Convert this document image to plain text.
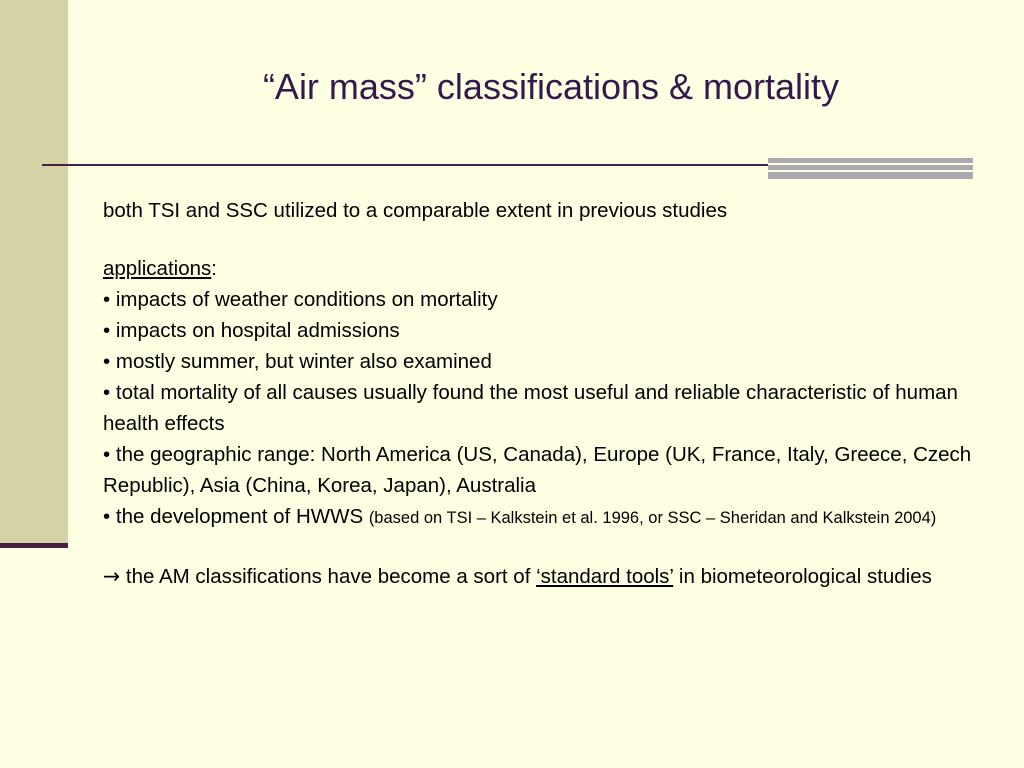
“Air mass” classifications & mortality

both TSI and SSC utilized to a comparable extent in previous studies

applications:

• impacts of weather conditions on mortality

• impacts on hospital admissions

• mostly summer, but winter also examined

• total mortality of all causes usually found the most useful and reliable characteristic of human health effects

• the geographic range: North America (US, Canada), Europe (UK, France, Italy, Greece, Czech Republic), Asia (China, Korea, Japan), Australia

• the development of HWWS (based on TSI – Kalkstein et al. 1996, or SSC – Sheridan and Kalkstein 2004)

→ the AM classifications have become a sort of ‘standard tools’ in biometeorological studies
